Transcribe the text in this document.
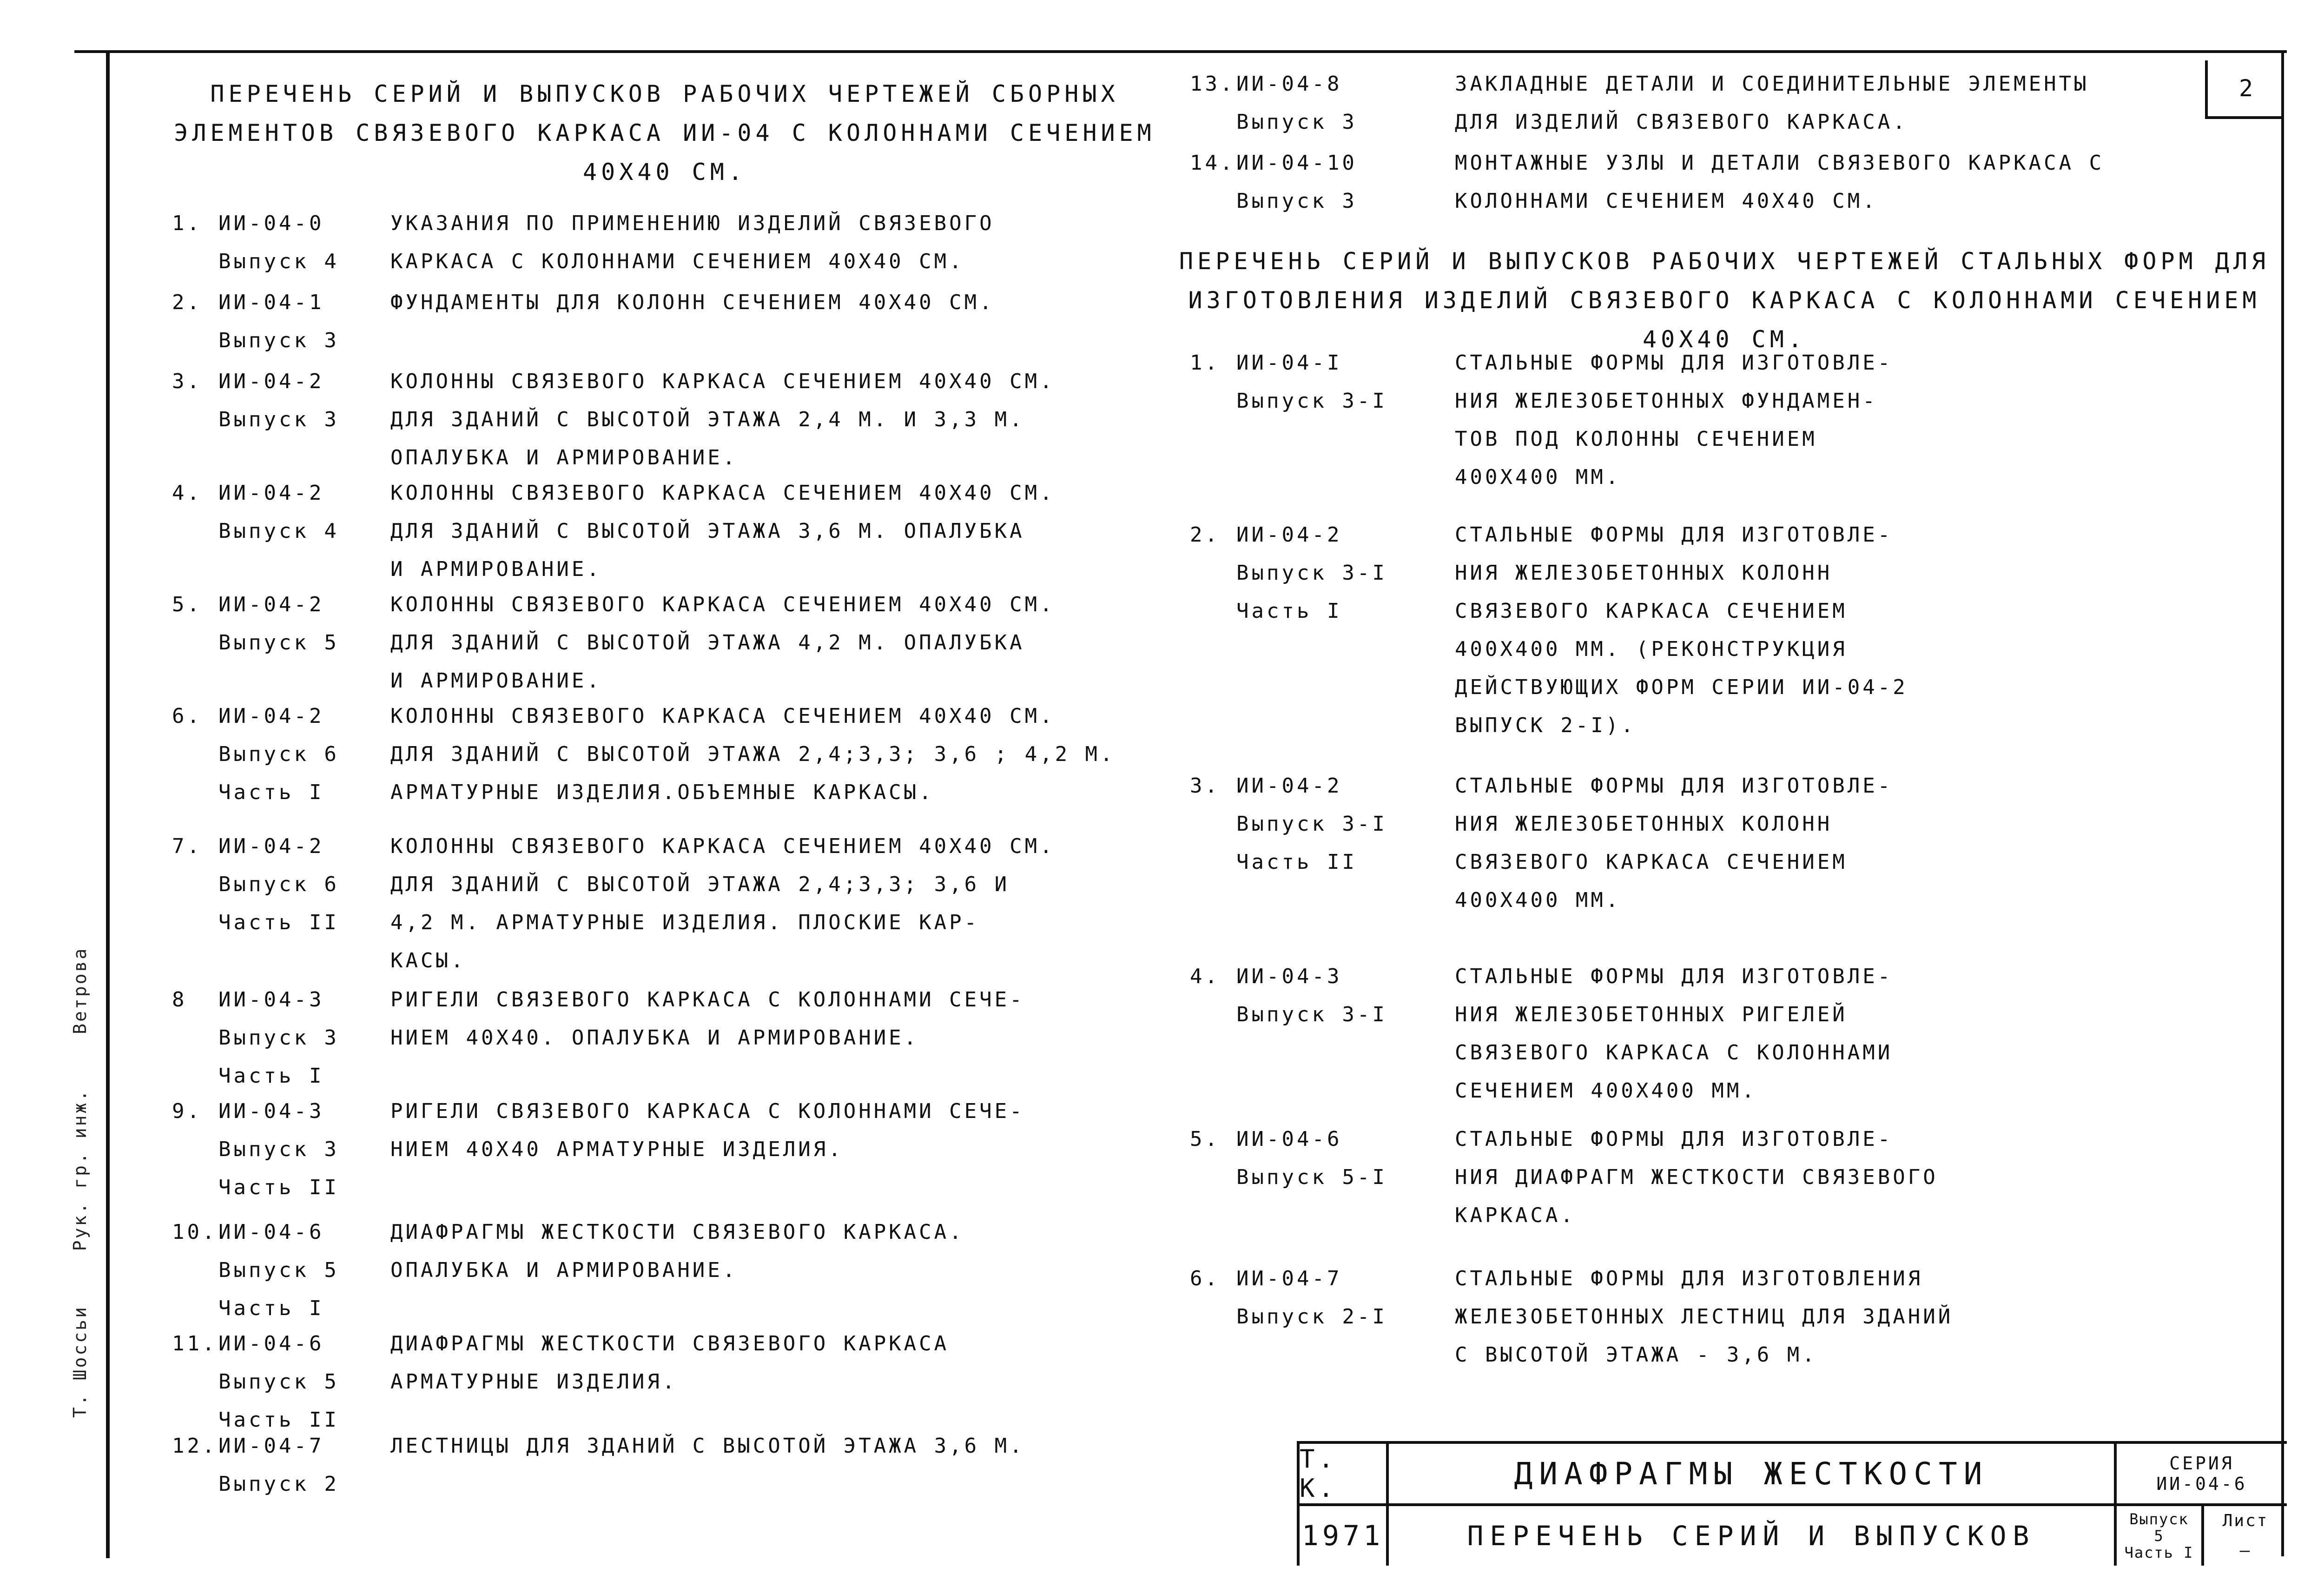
Т. Шоссьи Рук. гр. инж. Ветрова
2
ПЕРЕЧЕНЬ СЕРИЙ И ВЫПУСКОВ РАБОЧИХ ЧЕРТЕЖЕЙ СБОРНЫХ
ЭЛЕМЕНТОВ СВЯЗЕВОГО КАРКАСА ИИ-04 С КОЛОННАМИ СЕЧЕНИЕМ 40Х40 СМ.
ПЕРЕЧЕНЬ СЕРИЙ И ВЫПУСКОВ РАБОЧИХ ЧЕРТЕЖЕЙ СТАЛЬНЫХ ФОРМ ДЛЯ
ИЗГОТОВЛЕНИЯ ИЗДЕЛИЙ СВЯЗЕВОГО КАРКАСА С КОЛОННАМИ СЕЧЕНИЕМ 40Х40 СМ.
1. ИИ-04-0
Выпуск 4
УКАЗАНИЯ ПО ПРИМЕНЕНИЮ ИЗДЕЛИЙ СВЯЗЕВОГО
КАРКАСА С КОЛОННАМИ СЕЧЕНИЕМ 40Х40 СМ.
2. ИИ-04-1
Выпуск 3
ФУНДАМЕНТЫ ДЛЯ КОЛОНН СЕЧЕНИЕМ 40Х40 СМ.
3. ИИ-04-2
Выпуск 3
КОЛОННЫ СВЯЗЕВОГО КАРКАСА СЕЧЕНИЕМ 40Х40 СМ.
ДЛЯ ЗДАНИЙ С ВЫСОТОЙ ЭТАЖА 2,4 М. И 3,3 М.
ОПАЛУБКА И АРМИРОВАНИЕ.
4. ИИ-04-2
Выпуск 4
КОЛОННЫ СВЯЗЕВОГО КАРКАСА СЕЧЕНИЕМ 40Х40 СМ.
ДЛЯ ЗДАНИЙ С ВЫСОТОЙ ЭТАЖА 3,6 М. ОПАЛУБКА
И АРМИРОВАНИЕ.
5. ИИ-04-2
Выпуск 5
КОЛОННЫ СВЯЗЕВОГО КАРКАСА СЕЧЕНИЕМ 40Х40 СМ.
ДЛЯ ЗДАНИЙ С ВЫСОТОЙ ЭТАЖА 4,2 М. ОПАЛУБКА
И АРМИРОВАНИЕ.
6. ИИ-04-2
Выпуск 6
Часть I
КОЛОННЫ СВЯЗЕВОГО КАРКАСА СЕЧЕНИЕМ 40Х40 СМ.
ДЛЯ ЗДАНИЙ С ВЫСОТОЙ ЭТАЖА 2,4;3,3; 3,6 ; 4,2 М.
АРМАТУРНЫЕ ИЗДЕЛИЯ.ОБЪЕМНЫЕ КАРКАСЫ.
7. ИИ-04-2
Выпуск 6
Часть II
КОЛОННЫ СВЯЗЕВОГО КАРКАСА СЕЧЕНИЕМ 40Х40 СМ.
ДЛЯ ЗДАНИЙ С ВЫСОТОЙ ЭТАЖА 2,4;3,3; 3,6 И
4,2 М. АРМАТУРНЫЕ ИЗДЕЛИЯ. ПЛОСКИЕ КАР-
КАСЫ.
8	ИИ-04-3
Выпуск 3
Часть I
РИГЕЛИ СВЯЗЕВОГО КАРКАСА С КОЛОННАМИ СЕЧЕ-
НИЕМ 40Х40. ОПАЛУБКА И АРМИРОВАНИЕ.
9. ИИ-04-3
Выпуск 3
Часть II
РИГЕЛИ СВЯЗЕВОГО КАРКАСА С КОЛОННАМИ СЕЧЕ-
НИЕМ 40Х40 АРМАТУРНЫЕ ИЗДЕЛИЯ.
10. ИИ-04-6
Выпуск 5
Часть I
ДИАФРАГМЫ ЖЕСТКОСТИ СВЯЗЕВОГО КАРКАСА.
ОПАЛУБКА И АРМИРОВАНИЕ.
11. ИИ-04-6
Выпуск 5
Часть II
ДИАФРАГМЫ ЖЕСТКОСТИ СВЯЗЕВОГО КАРКАСА
АРМАТУРНЫЕ ИЗДЕЛИЯ.
12. ИИ-04-7
Выпуск 2
ЛЕСТНИЦЫ ДЛЯ ЗДАНИЙ С ВЫСОТОЙ ЭТАЖА 3,6 М.
13. ИИ-04-8
Выпуск 3
ЗАКЛАДНЫЕ ДЕТАЛИ И СОЕДИНИТЕЛЬНЫЕ ЭЛЕМЕНТЫ
ДЛЯ ИЗДЕЛИЙ СВЯЗЕВОГО КАРКАСА.
14. ИИ-04-10
Выпуск 3
МОНТАЖНЫЕ УЗЛЫ И ДЕТАЛИ СВЯЗЕВОГО КАРКАСА С
КОЛОННАМИ СЕЧЕНИЕМ 40Х40 СМ.
1. ИИ-04-I
Выпуск 3-I
СТАЛЬНЫЕ ФОРМЫ ДЛЯ ИЗГОТОВЛЕ-
НИЯ ЖЕЛЕЗОБЕТОННЫХ ФУНДАМЕН-
ТОВ ПОД КОЛОННЫ СЕЧЕНИЕМ
400Х400 ММ.
2. ИИ-04-2
Выпуск 3-I
Часть I
СТАЛЬНЫЕ ФОРМЫ ДЛЯ ИЗГОТОВЛЕ-
НИЯ ЖЕЛЕЗОБЕТОННЫХ КОЛОНН
СВЯЗЕВОГО КАРКАСА СЕЧЕНИЕМ
400Х400 ММ. (РЕКОНСТРУКЦИЯ
ДЕЙСТВУЮЩИХ ФОРМ СЕРИИ ИИ-04-2
ВЫПУСК 2-I).
3. ИИ-04-2
Выпуск 3-I
Часть II
СТАЛЬНЫЕ ФОРМЫ ДЛЯ ИЗГОТОВЛЕ-
НИЯ ЖЕЛЕЗОБЕТОННЫХ КОЛОНН
СВЯЗЕВОГО КАРКАСА СЕЧЕНИЕМ
400Х400 ММ.
4. ИИ-04-3
Выпуск 3-I
СТАЛЬНЫЕ ФОРМЫ ДЛЯ ИЗГОТОВЛЕ-
НИЯ ЖЕЛЕЗОБЕТОННЫХ РИГЕЛЕЙ
СВЯЗЕВОГО КАРКАСА С КОЛОННАМИ
СЕЧЕНИЕМ 400Х400 ММ.
5. ИИ-04-6
Выпуск 5-I
СТАЛЬНЫЕ ФОРМЫ ДЛЯ ИЗГОТОВЛЕ-
НИЯ ДИАФРАГМ ЖЕСТКОСТИ СВЯЗЕВОГО
КАРКАСА.
6. ИИ-04-7
Выпуск 2-I
СТАЛЬНЫЕ ФОРМЫ ДЛЯ ИЗГОТОВЛЕНИЯ
ЖЕЛЕЗОБЕТОННЫХ ЛЕСТНИЦ ДЛЯ ЗДАНИЙ
С ВЫСОТОЙ ЭТАЖА - 3,6 М.
Т. К.
1971
ДИАФРАГМЫ ЖЕСТКОСТИ
ПЕРЕЧЕНЬ СЕРИЙ И ВЫПУСКОВ
СЕРИЯ
ИИ-04-6
Выпуск
5
Часть I
Лист
—
